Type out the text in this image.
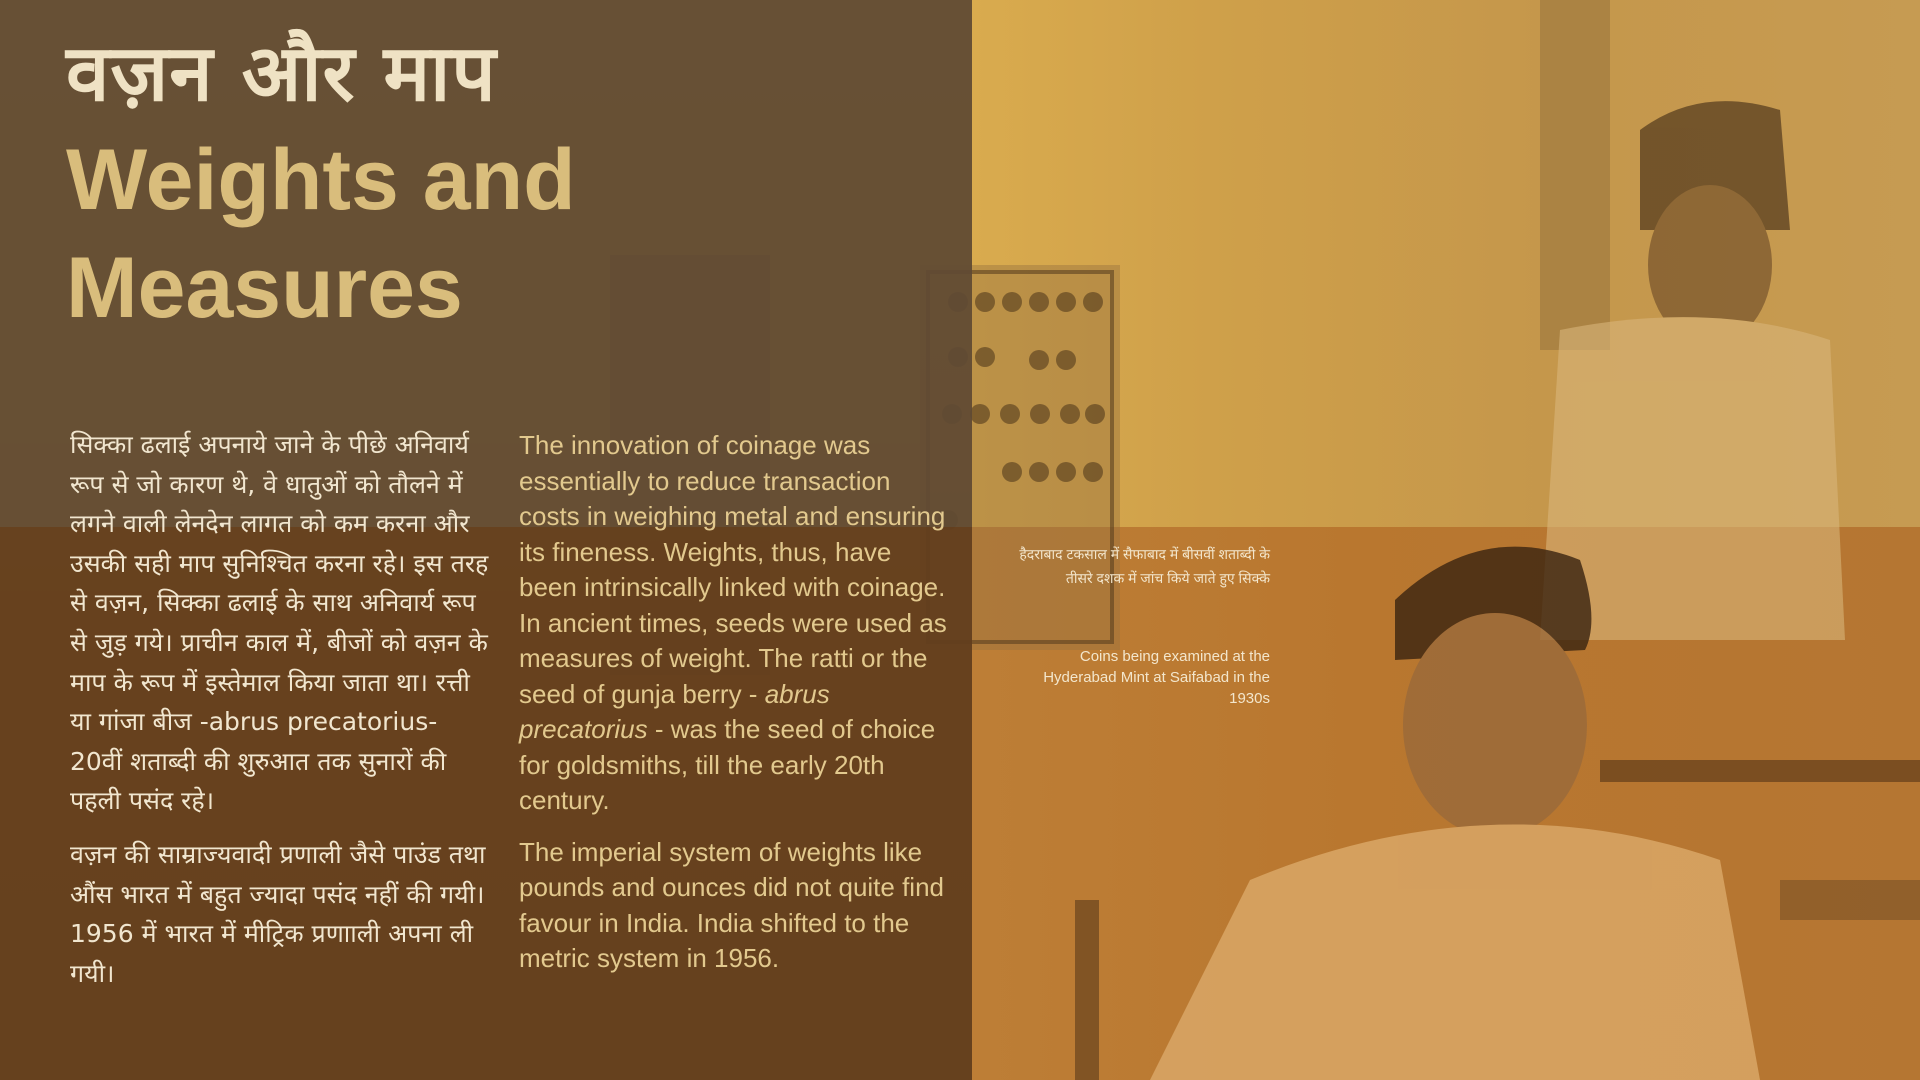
वज़न और माप
Weights and
Measures

सिक्का ढलाई अपनाये जाने के पीछे अनिवार्य रूप से जो कारण थे, वे धातुओं को तौलने में लगने वाली लेनदेन लागत को कम करना और उसकी सही माप सुनिश्चित करना रहे। इस तरह से वज़न, सिक्का ढलाई के साथ अनिवार्य रूप से जुड़ गये। प्राचीन काल में, बीजों को वज़न के माप के रूप में इस्तेमाल किया जाता था। रत्ती या गांजा बीज -abrus precatorius- 20वीं शताब्दी की शुरुआत तक सुनारों की पहली पसंद रहे।

वज़न की साम्राज्यवादी प्रणाली जैसे पाउंड तथा औंस भारत में बहुत ज्यादा पसंद नहीं की गयी। 1956 में भारत में मीट्रिक प्रणााली अपना ली गयी।

The innovation of coinage was essentially to reduce transaction costs in weighing metal and ensuring its fineness. Weights, thus, have been intrinsically linked with coinage. In ancient times, seeds were used as measures of weight. The ratti or the seed of gunja berry - abrus precatorius - was the seed of choice for goldsmiths, till the early 20th century.

The imperial system of weights like pounds and ounces did not quite find favour in India. India shifted to the metric system in 1956.

हैदराबाद टकसाल में सैफाबाद में बीसवीं शताब्दी के तीसरे दशक में जांच किये जाते हुए सिक्के
Coins being examined at the Hyderabad Mint at Saifabad in the 1930s
